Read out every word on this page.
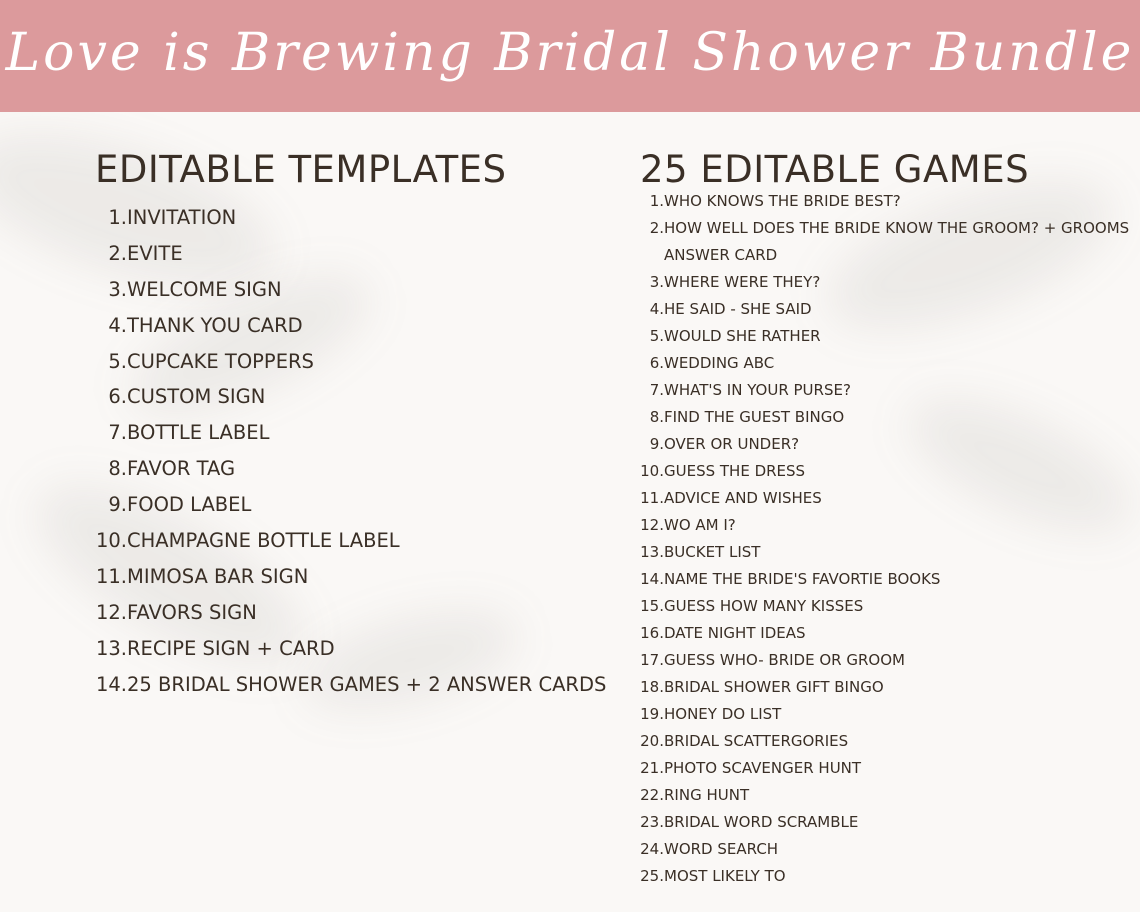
Love is Brewing Bridal Shower Bundle
EDITABLE TEMPLATES
1. INVITATION
2. EVITE
3. WELCOME SIGN
4. THANK YOU CARD
5. CUPCAKE TOPPERS
6. CUSTOM SIGN
7. BOTTLE LABEL
8. FAVOR TAG
9. FOOD LABEL
10. CHAMPAGNE BOTTLE LABEL
11. MIMOSA BAR SIGN
12. FAVORS SIGN
13. RECIPE SIGN + CARD
14. 25 BRIDAL SHOWER GAMES + 2 ANSWER CARDS
25 EDITABLE GAMES
1. WHO KNOWS THE BRIDE BEST?
2. HOW WELL DOES THE BRIDE KNOW THE GROOM? + GROOMS ANSWER CARD
3. WHERE WERE THEY?
4. HE SAID - SHE SAID
5. WOULD SHE RATHER
6. WEDDING ABC
7. WHAT'S IN YOUR PURSE?
8. FIND THE GUEST BINGO
9. OVER OR UNDER?
10. GUESS THE DRESS
11. ADVICE AND WISHES
12. WO AM I?
13. BUCKET LIST
14. NAME THE BRIDE'S FAVORTIE BOOKS
15. GUESS HOW MANY KISSES
16. DATE NIGHT IDEAS
17. GUESS WHO- BRIDE OR GROOM
18. BRIDAL SHOWER GIFT BINGO
19. HONEY DO LIST
20. BRIDAL SCATTERGORIES
21. PHOTO SCAVENGER HUNT
22. RING HUNT
23. BRIDAL WORD SCRAMBLE
24. WORD SEARCH
25. MOST LIKELY TO
